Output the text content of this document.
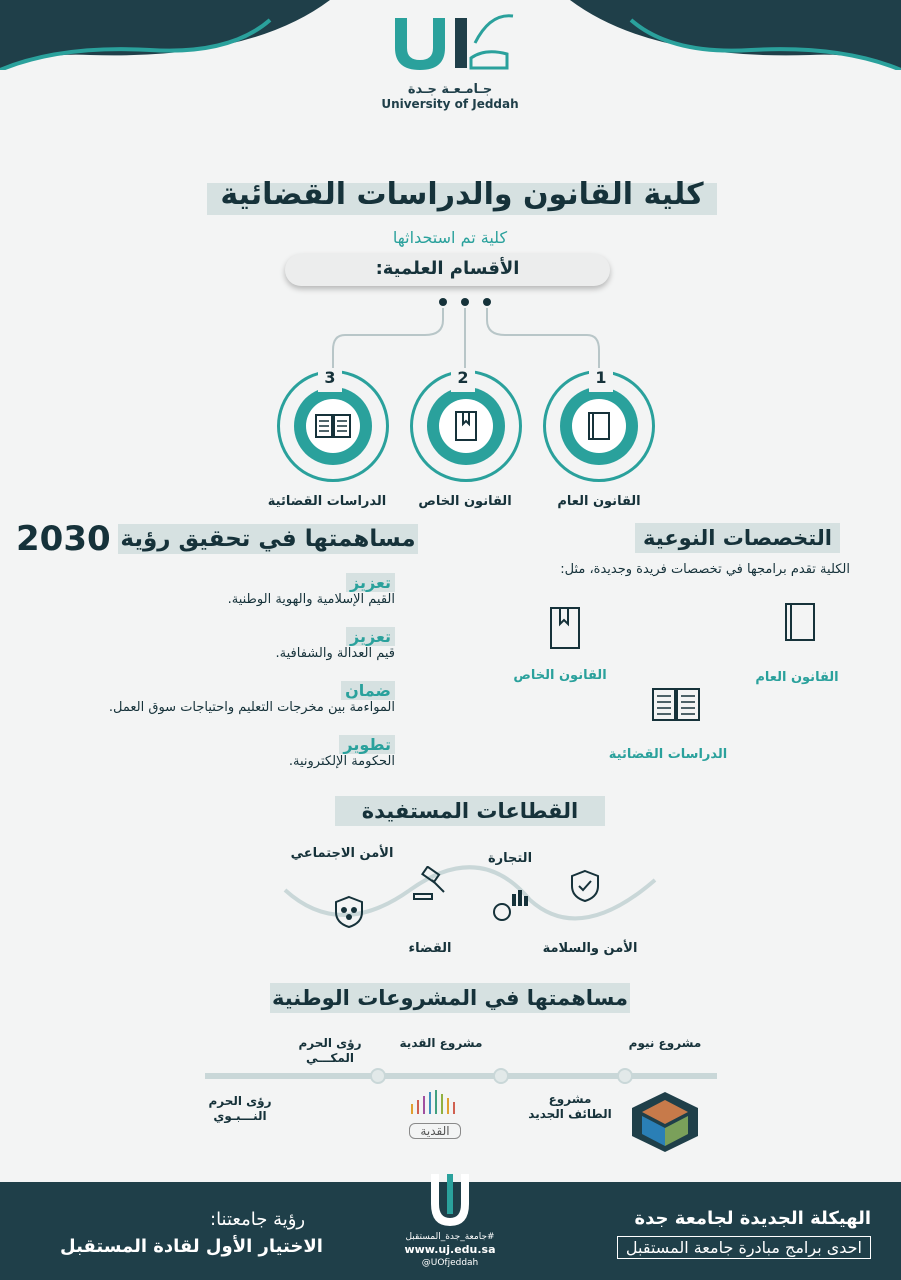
جـامـعـة جـدة
University of Jeddah
كلية القانون والدراسات القضائية
كلية تم استحداثها
الأقسام العلمية:
1
2
3
القانون العام
القانون الخاص
الدراسات القضائية
التخصصات النوعية
الكلية تقدم برامجها في تخصصات فريدة وجديدة، مثل:
القانون العام
القانون الخاص
الدراسات القضائية
مساهمتها في تحقيق رؤية
2030
تعزيز
القيم الإسلامية والهوية الوطنية.
تعزيز
قيم العدالة والشفافية.
ضمان
المواءمة بين مخرجات التعليم واحتياجات سوق العمل.
تطوير
الحكومة الإلكترونية.
القطاعات المستفيدة
الأمن والسلامة
التجارة
القضاء
الأمن الاجتماعي
مساهمتها في المشروعات الوطنية
مشروع نيوم
مشروع القدية
رؤى الحرم المكـــي
مشروع الطائف الجديد
رؤى الحرم النـــبـوي
القدية
الهيكلة الجديدة لجامعة جدة
احدى برامج مبادرة جامعة المستقبل
رؤية جامعتنا:
الاختيار الأول لقادة المستقبل	#جامعة_جدة_المستقبل
www.uj.edu.sa
@UOfjeddah
